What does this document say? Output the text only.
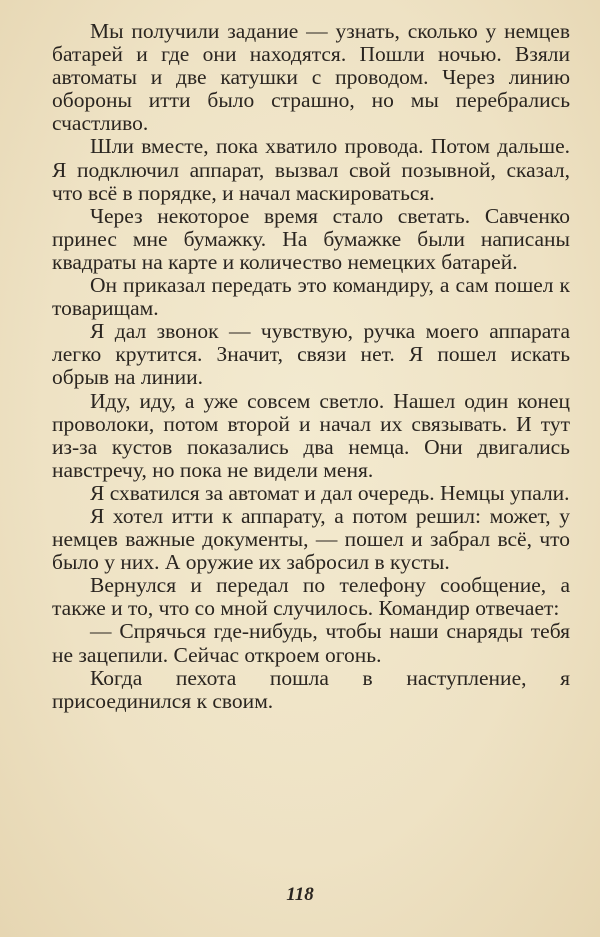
Мы получили задание — узнать, сколько у немцев батарей и где они находятся. Пошли ночью. Взяли автоматы и две катушки с проводом. Через линию обороны итти было страшно, но мы перебрались счастливо.

Шли вместе, пока хватило провода. Потом дальше. Я подключил аппарат, вызвал свой позывной, сказал, что всё в порядке, и начал маскироваться.

Через некоторое время стало светать. Савченко принес мне бумажку. На бумажке были написаны квадраты на карте и количество немецких батарей.

Он приказал передать это командиру, а сам пошел к товарищам.

Я дал звонок — чувствую, ручка моего аппарата легко крутится. Значит, связи нет. Я пошел искать обрыв на линии.

Иду, иду, а уже совсем светло. Нашел один конец проволоки, потом второй и начал их связывать. И тут из-за кустов показались два немца. Они двигались навстречу, но пока не видели меня.

Я схватился за автомат и дал очередь. Немцы упали.

Я хотел итти к аппарату, а потом решил: может, у немцев важные документы, — пошел и забрал всё, что было у них. А оружие их забросил в кусты.

Вернулся и передал по телефону сообщение, а также и то, что со мной случилось. Командир отвечает:

— Спрячься где-нибудь, чтобы наши снаряды тебя не зацепили. Сейчас откроем огонь.

Когда пехота пошла в наступление, я присоединился к своим.

118
